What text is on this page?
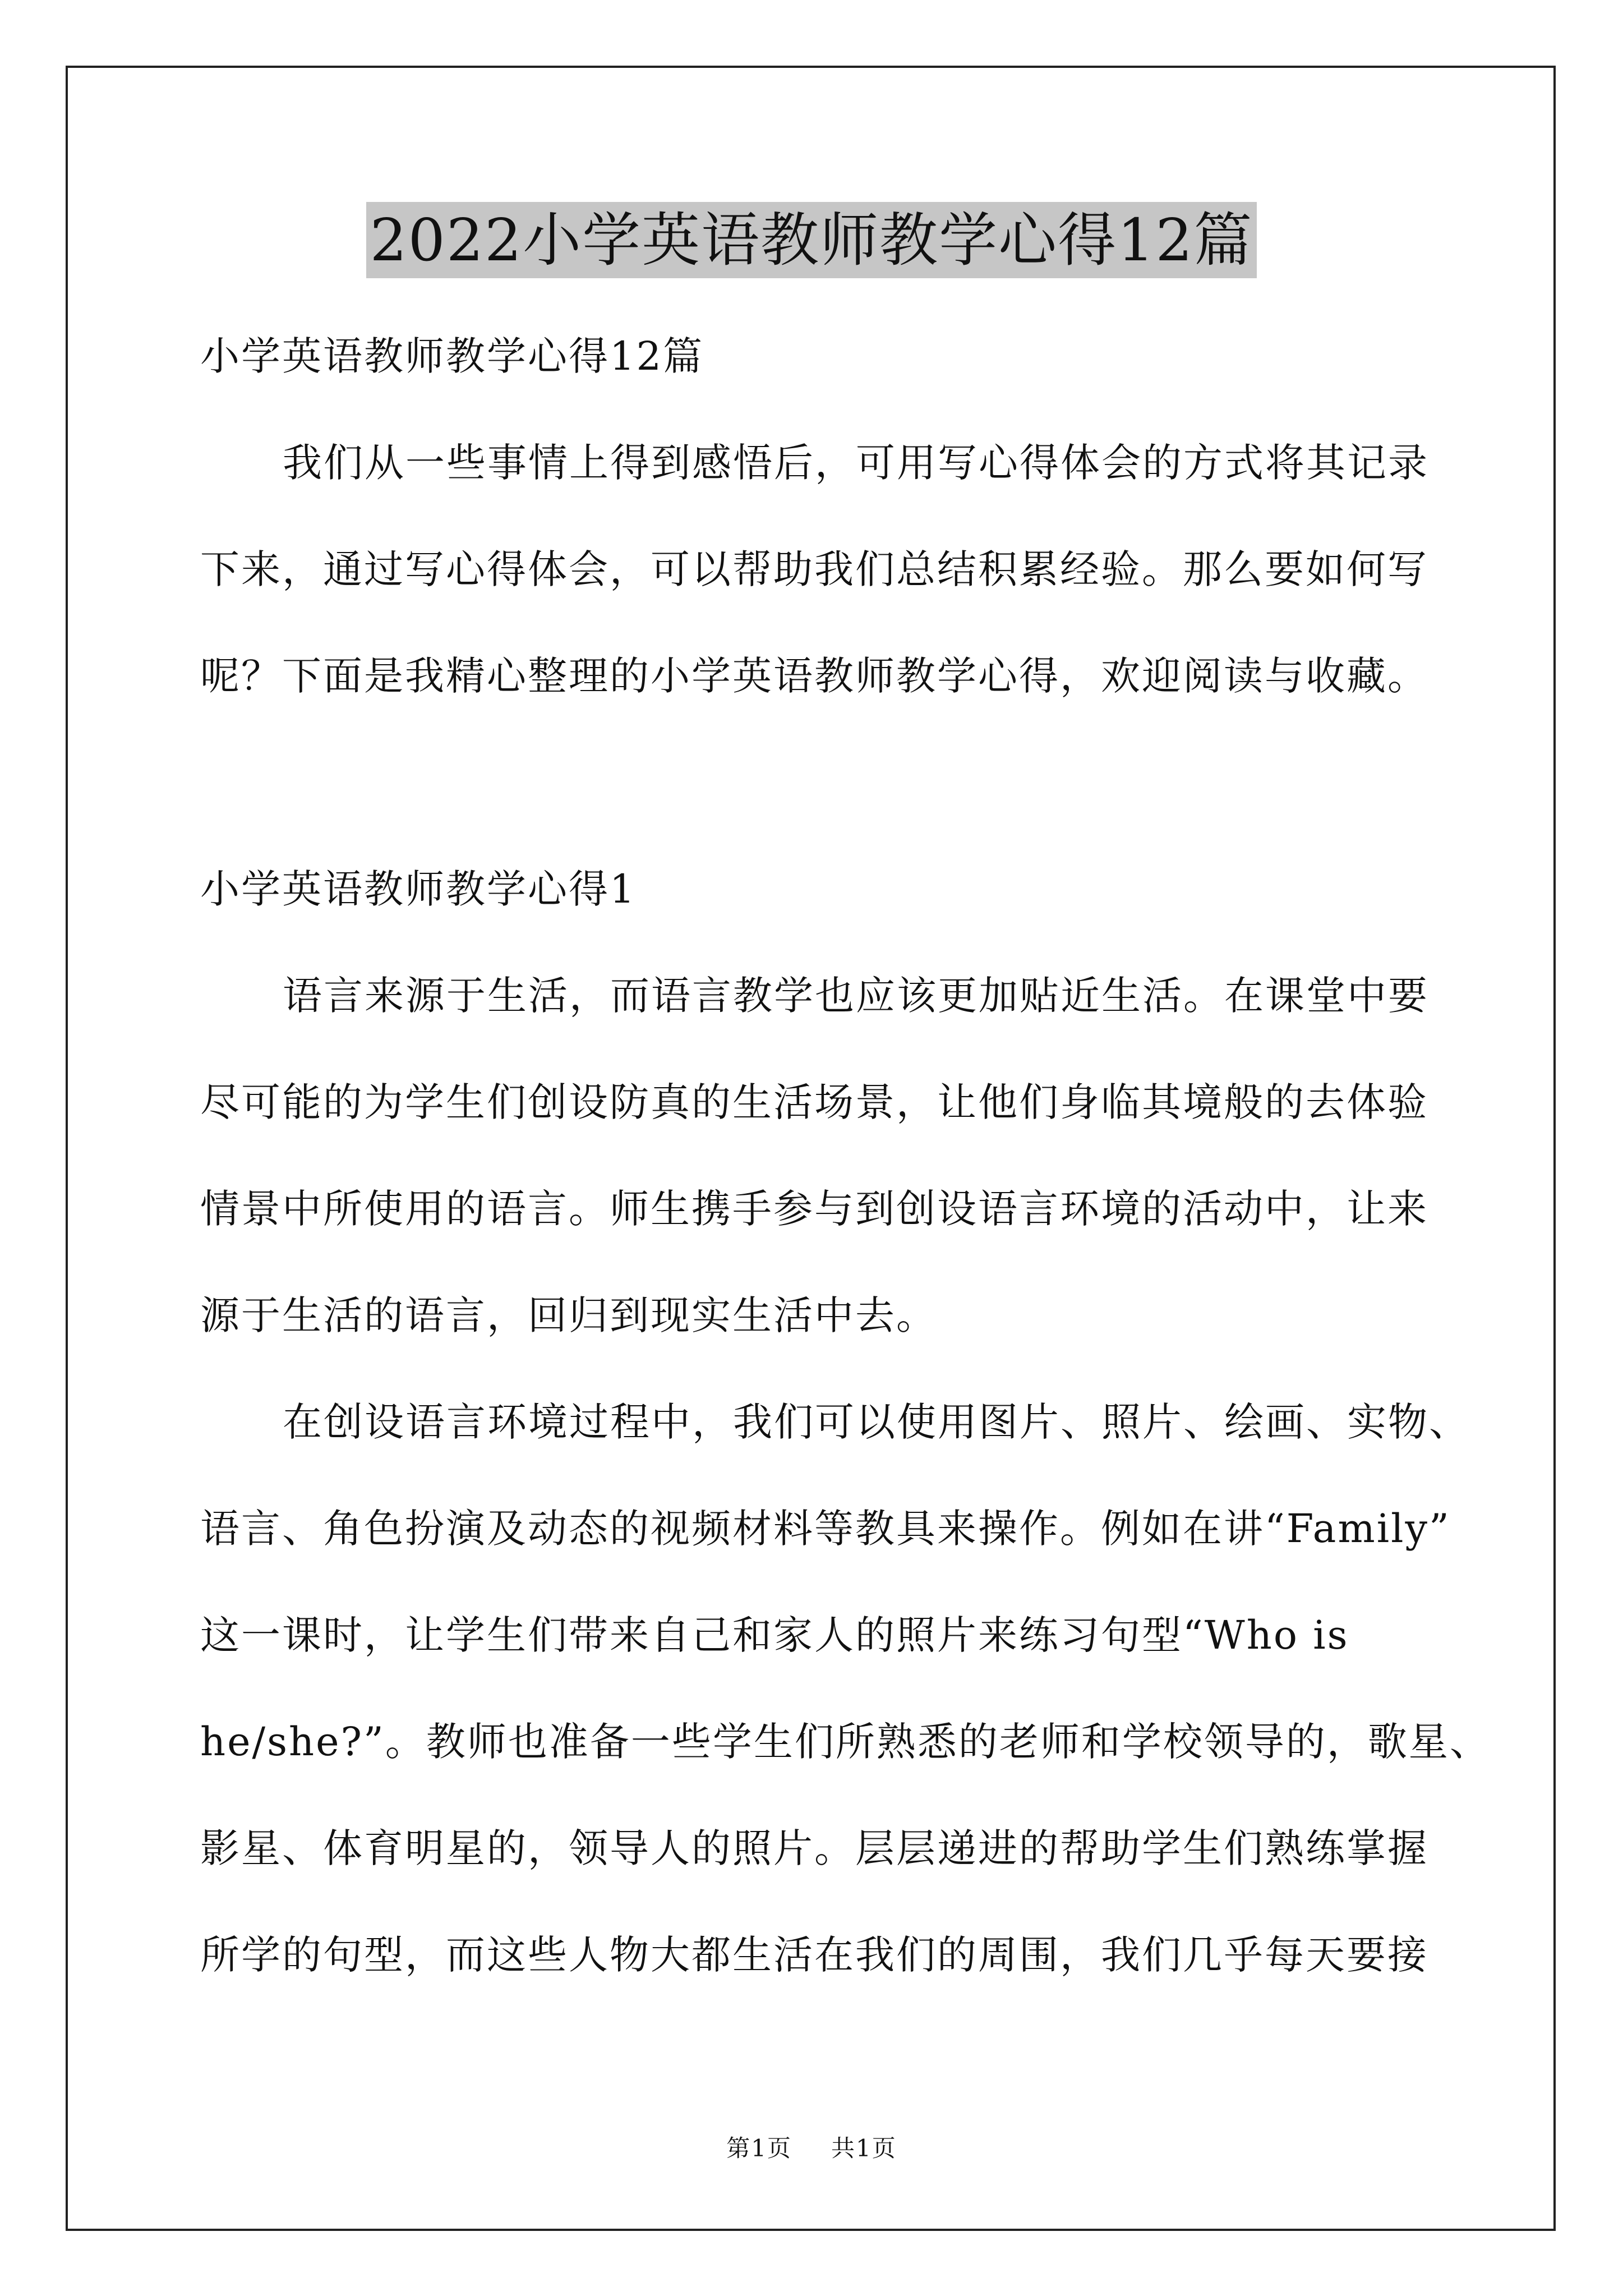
2022小学英语教师教学心得12篇
小学英语教师教学心得12篇
我们从一些事情上得到感悟后，可用写心得体会的方式将其记录
下来，通过写心得体会，可以帮助我们总结积累经验。那么要如何写
呢？下面是我精心整理的小学英语教师教学心得，欢迎阅读与收藏。
小学英语教师教学心得1
语言来源于生活，而语言教学也应该更加贴近生活。在课堂中要
尽可能的为学生们创设防真的生活场景，让他们身临其境般的去体验
情景中所使用的语言。师生携手参与到创设语言环境的活动中，让来
源于生活的语言，回归到现实生活中去。
在创设语言环境过程中，我们可以使用图片、照片、绘画、实物、
语言、角色扮演及动态的视频材料等教具来操作。例如在讲“Family”
这一课时，让学生们带来自己和家人的照片来练习句型“Who is
he/she?”。教师也准备一些学生们所熟悉的老师和学校领导的，歌星、
影星、体育明星的，领导人的照片。层层递进的帮助学生们熟练掌握
所学的句型，而这些人物大都生活在我们的周围，我们几乎每天要接
第1页 共1页
